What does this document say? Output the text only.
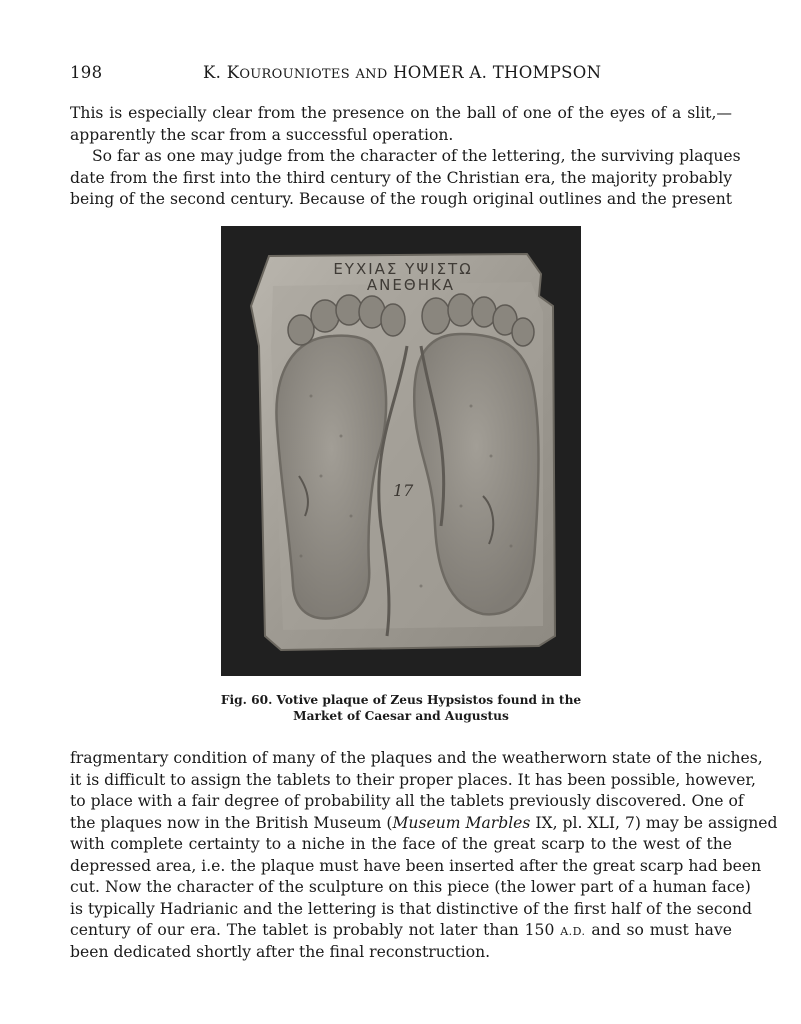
198	K. KOUROUNIOTES AND HOMER A. THOMPSON
This is especially clear from the presence on the ball of one of the eyes of a slit,—
apparently the scar from a successful operation.
So far as one may judge from the character of the lettering, the surviving plaques
date from the first into the third century of the Christian era, the majority probably
being of the second century. Because of the rough original outlines and the present
ΕΥΧΙΑΣ ΥΨΙΣΤΩ
ΑΝΕΘΗΚΑ
17
Fig. 60. Votive plaque of Zeus Hypsistos found in the
Market of Caesar and Augustus
fragmentary condition of many of the plaques and the weatherworn state of the niches,
it is difficult to assign the tablets to their proper places. It has been possible, however,
to place with a fair degree of probability all the tablets previously discovered. One of
the plaques now in the British Museum (Museum Marbles IX, pl. XLI, 7) may be assigned
with complete certainty to a niche in the face of the great scarp to the west of the
depressed area, i.e. the plaque must have been inserted after the great scarp had been
cut. Now the character of the sculpture on this piece (the lower part of a human face)
is typically Hadrianic and the lettering is that distinctive of the first half of the second
century of our era. The tablet is probably not later than 150 A.D. and so must have
been dedicated shortly after the final reconstruction.
